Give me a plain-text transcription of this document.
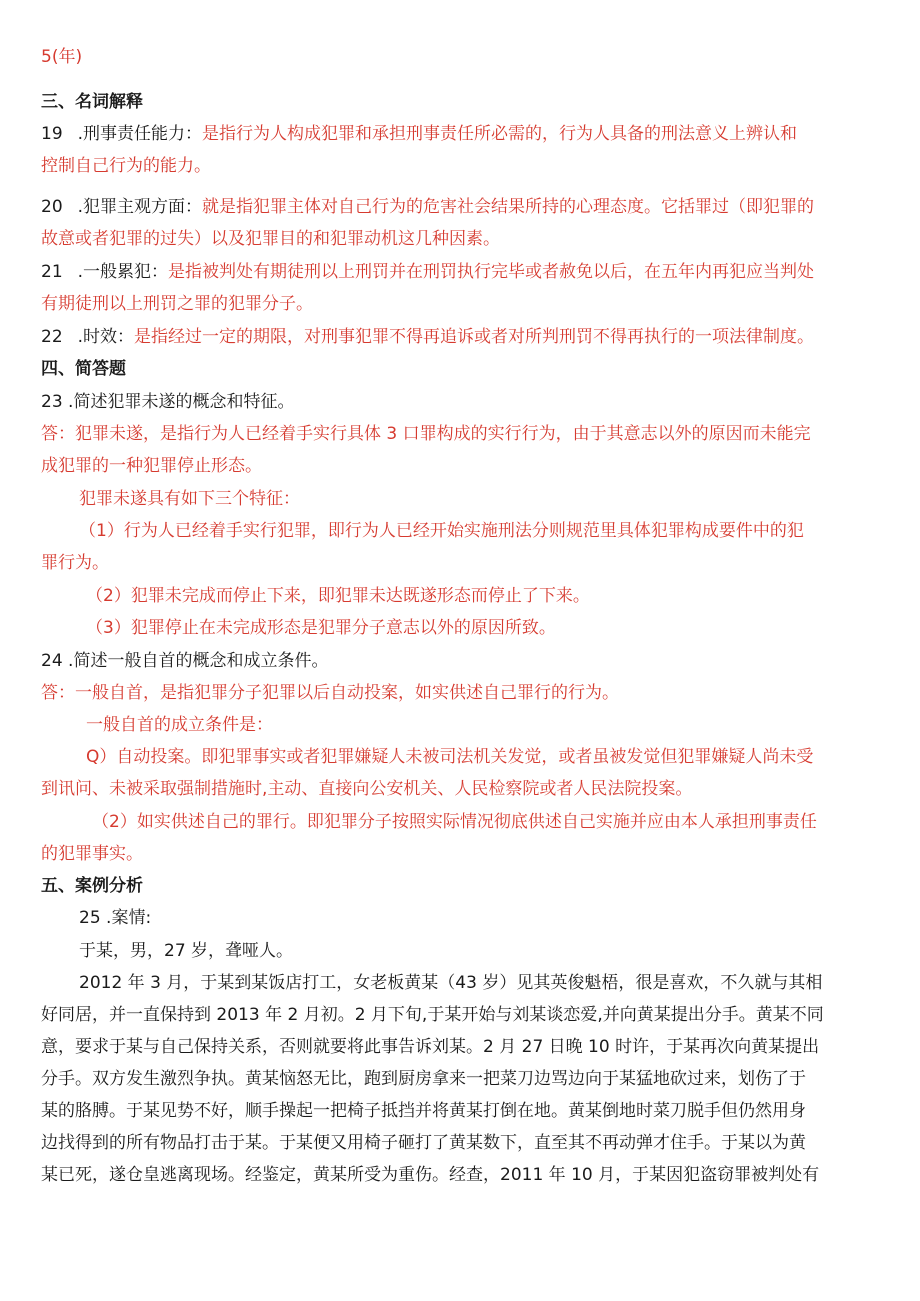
5(年)
三、名词解释
19 .刑事责任能力：是指行为人构成犯罪和承担刑事责任所必需的，行为人具备的刑法意义上辨认和
控制自己行为的能力。
20 .犯罪主观方面：就是指犯罪主体对自己行为的危害社会结果所持的心理态度。它括罪过（即犯罪的
故意或者犯罪的过失）以及犯罪目的和犯罪动机这几种因素。
21 .一般累犯：是指被判处有期徒刑以上刑罚并在刑罚执行完毕或者赦免以后，在五年内再犯应当判处
有期徒刑以上刑罚之罪的犯罪分子。
22 .时效：是指经过一定的期限，对刑事犯罪不得再追诉或者对所判刑罚不得再执行的一项法律制度。
四、简答题
23 .简述犯罪未遂的概念和特征。
答：犯罪未遂，是指行为人已经着手实行具体 3 口罪构成的实行行为，由于其意志以外的原因而未能完
成犯罪的一种犯罪停止形态。
犯罪未遂具有如下三个特征：
（1）行为人已经着手实行犯罪，即行为人已经开始实施刑法分则规范里具体犯罪构成要件中的犯
罪行为。
（2）犯罪未完成而停止下来，即犯罪未达既遂形态而停止了下来。
（3）犯罪停止在未完成形态是犯罪分子意志以外的原因所致。
24 .简述一般自首的概念和成立条件。
答：一般自首，是指犯罪分子犯罪以后自动投案，如实供述自己罪行的行为。
一般自首的成立条件是：
Q）自动投案。即犯罪事实或者犯罪嫌疑人未被司法机关发觉，或者虽被发觉但犯罪嫌疑人尚未受
到讯问、未被采取强制措施时,主动、直接向公安机关、人民检察院或者人民法院投案。
（2）如实供述自己的罪行。即犯罪分子按照实际情况彻底供述自己实施并应由本人承担刑事责任
的犯罪事实。
五、案例分析
25 .案情:
于某，男，27 岁，聋哑人。
2012 年 3 月，于某到某饭店打工，女老板黄某（43 岁）见其英俊魁梧，很是喜欢，不久就与其相
好同居，并一直保持到 2013 年 2 月初。2 月下旬,于某开始与刘某谈恋爱,并向黄某提出分手。黄某不同
意，要求于某与自己保持关系，否则就要将此事告诉刘某。2 月 27 日晚 10 时许，于某再次向黄某提出
分手。双方发生激烈争执。黄某恼怒无比，跑到厨房拿来一把菜刀边骂边向于某猛地砍过来，划伤了于
某的胳膊。于某见势不好，顺手操起一把椅子抵挡并将黄某打倒在地。黄某倒地时菜刀脱手但仍然用身
边找得到的所有物品打击于某。于某便又用椅子砸打了黄某数下，直至其不再动弹才住手。于某以为黄
某已死，遂仓皇逃离现场。经鉴定，黄某所受为重伤。经查，2011 年 10 月，于某因犯盗窃罪被判处有
